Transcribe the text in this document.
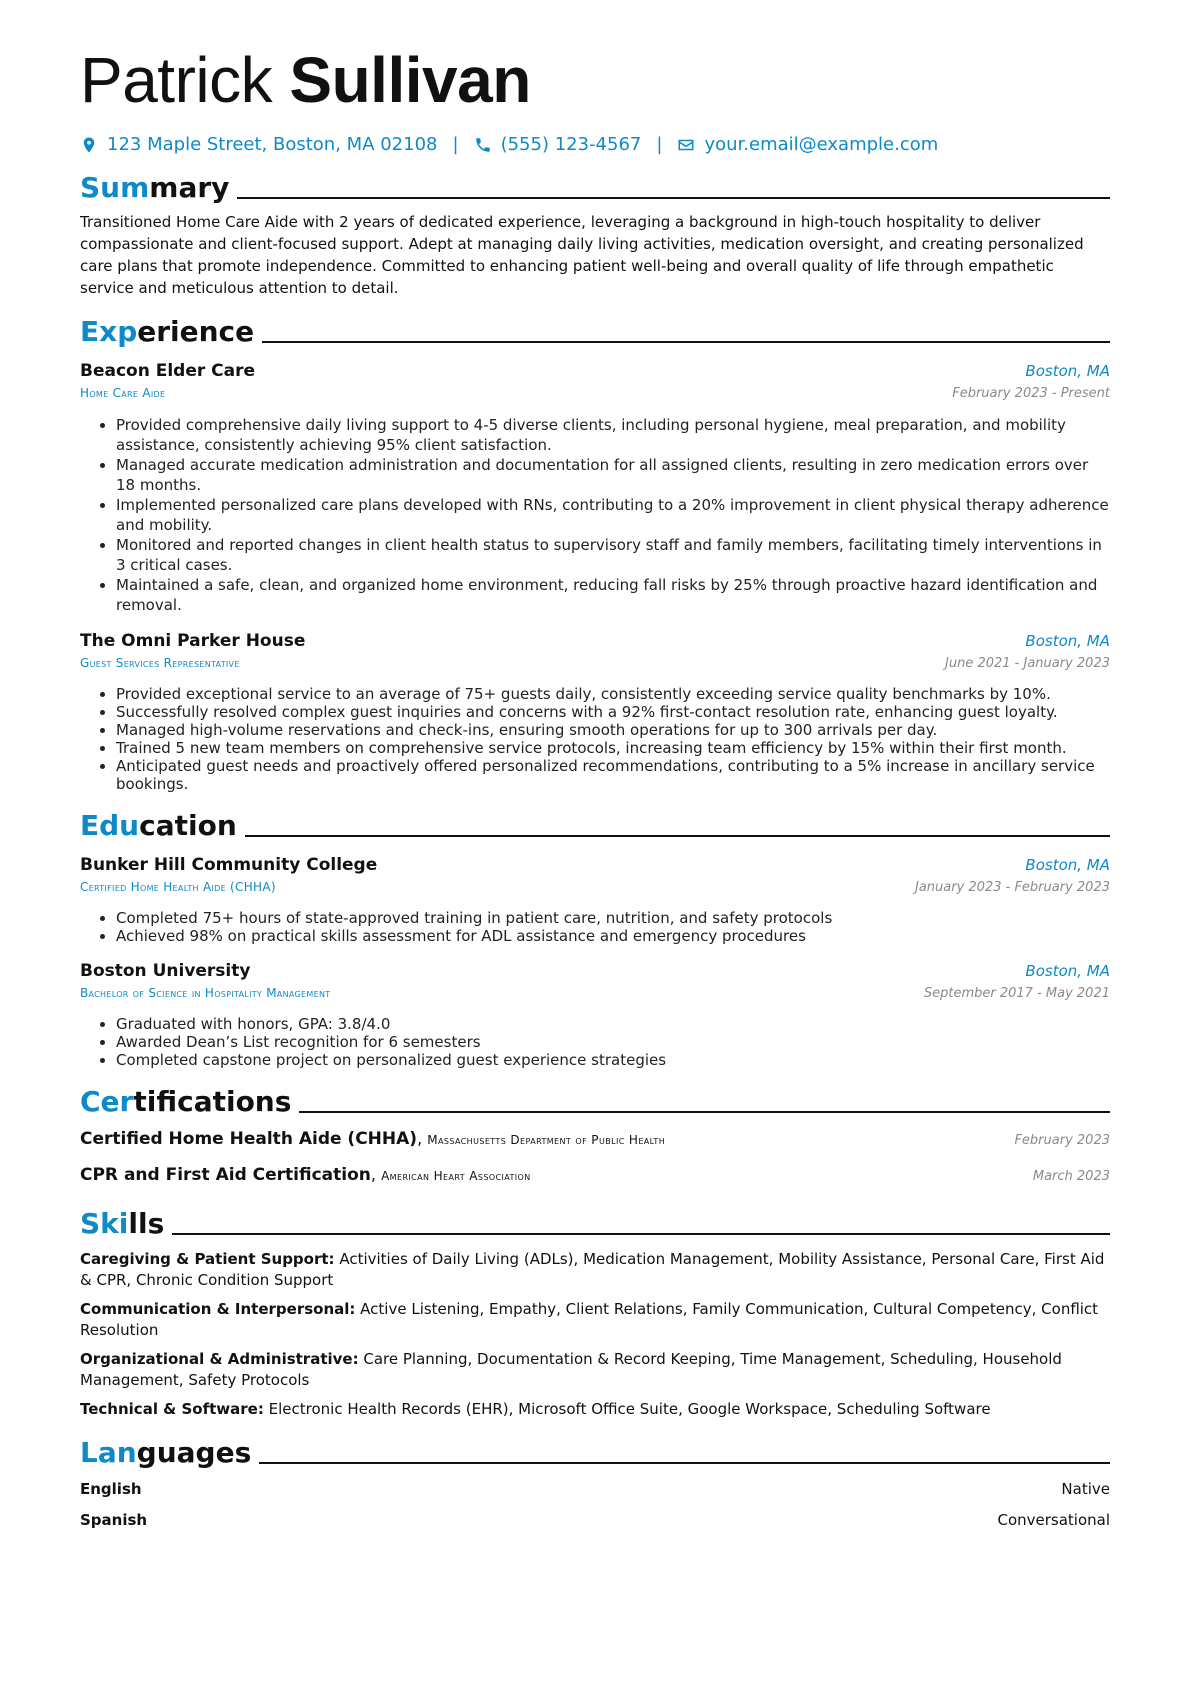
Patrick Sullivan
123 Maple Street, Boston, MA 02108 | (555) 123-4567 | your.email@example.com
Summary

Transitioned Home Care Aide with 2 years of dedicated experience, leveraging a background in high-touch hospitality to deliver compassionate and client-focused support. Adept at managing daily living activities, medication oversight, and creating personalized care plans that promote independence. Committed to enhancing patient well-being and overall quality of life through empathetic service and meticulous attention to detail.

Experience
Beacon Elder Care	Boston, MA
Home Care Aide	February 2023 - Present
• Provided comprehensive daily living support to 4-5 diverse clients, including personal hygiene, meal preparation, and mobility assistance, consistently achieving 95% client satisfaction.
• Managed accurate medication administration and documentation for all assigned clients, resulting in zero medication errors over 18 months.
• Implemented personalized care plans developed with RNs, contributing to a 20% improvement in client physical therapy adherence and mobility.
• Monitored and reported changes in client health status to supervisory staff and family members, facilitating timely interventions in 3 critical cases.
• Maintained a safe, clean, and organized home environment, reducing fall risks by 25% through proactive hazard identification and removal.
The Omni Parker House	Boston, MA
Guest Services Representative	June 2021 - January 2023
• Provided exceptional service to an average of 75+ guests daily, consistently exceeding service quality benchmarks by 10%.
• Successfully resolved complex guest inquiries and concerns with a 92% first-contact resolution rate, enhancing guest loyalty.
• Managed high-volume reservations and check-ins, ensuring smooth operations for up to 300 arrivals per day.
• Trained 5 new team members on comprehensive service protocols, increasing team efficiency by 15% within their first month.
• Anticipated guest needs and proactively offered personalized recommendations, contributing to a 5% increase in ancillary service bookings.
Education
Bunker Hill Community College	Boston, MA
Certified Home Health Aide (CHHA)	January 2023 - February 2023
• Completed 75+ hours of state-approved training in patient care, nutrition, and safety protocols
• Achieved 98% on practical skills assessment for ADL assistance and emergency procedures
Boston University	Boston, MA
Bachelor of Science in Hospitality Management	September 2017 - May 2021
• Graduated with honors, GPA: 3.8/4.0
• Awarded Dean’s List recognition for 6 semesters
• Completed capstone project on personalized guest experience strategies
Certifications
Certified Home Health Aide (CHHA), Massachusetts Department of Public Health	February 2023
CPR and First Aid Certification, American Heart Association	March 2023
Skills
Caregiving & Patient Support: Activities of Daily Living (ADLs), Medication Management, Mobility Assistance, Personal Care, First Aid & CPR, Chronic Condition Support
Communication & Interpersonal: Active Listening, Empathy, Client Relations, Family Communication, Cultural Competency, Conflict Resolution
Organizational & Administrative: Care Planning, Documentation & Record Keeping, Time Management, Scheduling, Household Management, Safety Protocols
Technical & Software: Electronic Health Records (EHR), Microsoft Office Suite, Google Workspace, Scheduling Software
Languages
English	Native
Spanish	Conversational
